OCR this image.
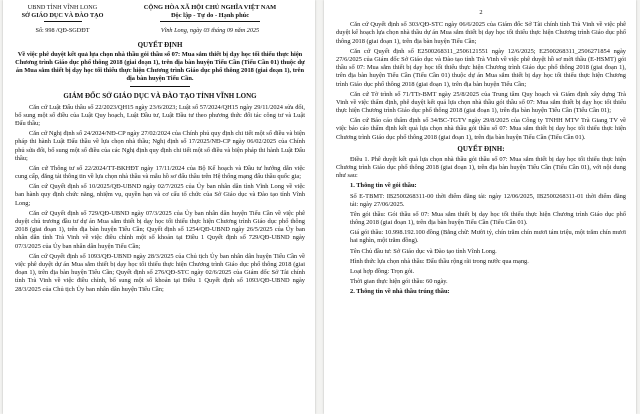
UBND TỈNH VĨNH LONG
SỞ GIÁO DỤC VÀ ĐÀO TẠO
CỘNG HÒA XÃ HỘI CHỦ NGHĨA VIỆT NAM
Độc lập - Tự do - Hạnh phúc
Số: 998 /QĐ-SGDĐT	Vĩnh Long, ngày 03 tháng 09 năm 2025
QUYẾT ĐỊNH
Về việc phê duyệt kết quả lựa chọn nhà thầu gói thầu số 07: Mua sắm thiết bị dạy học tối thiểu thực hiện Chương trình Giáo dục phổ thông 2018 (giai đoạn 1), trên địa bàn huyện Tiểu Cần (Tiểu Cần 01) thuộc dự án Mua sắm thiết bị dạy học tối thiểu thực hiện Chương trình Giáo dục phổ thông 2018 (giai đoạn 1), trên địa bàn huyện Tiểu Cần.
GIÁM ĐỐC SỞ GIÁO DỤC VÀ ĐÀO TẠO TỈNH VĨNH LONG

Căn cứ Luật Đấu thầu số 22/2023/QH15 ngày 23/6/2023; Luật số 57/2024/QH15 ngày 29/11/2024 sửa đổi, bổ sung một số điều của Luật Quy hoạch, Luật Đầu tư, Luật Đầu tư theo phương thức đối tác công tư và Luật Đấu thầu;

Căn cứ Nghị định số 24/2024/NĐ-CP ngày 27/02/2024 của Chính phủ quy định chi tiết một số điều và biện pháp thi hành Luật Đấu thầu về lựa chọn nhà thầu; Nghị định số 17/2025/NĐ-CP ngày 06/02/2025 của Chính phủ sửa đổi, bổ sung một số điều của các Nghị định quy định chi tiết một số điều và biện pháp thi hành Luật Đấu thầu;

Căn cứ Thông tư số 22/2024/TT-BKHĐT ngày 17/11/2024 của Bộ Kế hoạch và Đầu tư hướng dẫn việc cung cấp, đăng tải thông tin về lựa chọn nhà thầu và mẫu hồ sơ đấu thầu trên Hệ thống mạng đấu thầu quốc gia;

Căn cứ Quyết định số 10/2025/QĐ-UBND ngày 02/7/2025 của Ủy ban nhân dân tỉnh Vĩnh Long về việc ban hành quy định chức năng, nhiệm vụ, quyền hạn và cơ cấu tổ chức của Sở Giáo dục và Đào tạo tỉnh Vĩnh Long;

Căn cứ Quyết định số 729/QĐ-UBND ngày 07/3/2025 của Ủy ban nhân dân huyện Tiểu Cần về việc phê duyệt chủ trương đầu tư dự án Mua sắm thiết bị dạy học tối thiểu thực hiện Chương trình Giáo dục phổ thông 2018 (giai đoạn 1), trên địa bàn huyện Tiểu Cần; Quyết định số 1254/QĐ-UBND ngày 26/5/2025 của Ủy ban nhân dân tỉnh Trà Vinh về việc điều chỉnh một số khoản tại Điều 1 Quyết định số 729/QĐ-UBND ngày 07/3/2025 của Ủy ban nhân dân huyện Tiểu Cần;

Căn cứ Quyết định số 1093/QĐ-UBND ngày 28/3/2025 của Chủ tịch Ủy ban nhân dân huyện Tiểu Cần về việc phê duyệt dự án Mua sắm thiết bị dạy học tối thiểu thực hiện Chương trình Giáo dục phổ thông 2018 (giai đoạn 1), trên địa bàn huyện Tiểu Cần; Quyết định số 276/QĐ-STC ngày 02/6/2025 của Giám đốc Sở Tài chính tỉnh Trà Vinh về việc điều chỉnh, bổ sung một số khoản tại Điều 1 Quyết định số 1093/QĐ-UBND ngày 28/3/2025 của Chủ tịch Ủy ban nhân dân huyện Tiểu Cần;

2

Căn cứ Quyết định số 303/QĐ-STC ngày 06/6/2025 của Giám đốc Sở Tài chính tỉnh Trà Vinh về việc phê duyệt kế hoạch lựa chọn nhà thầu dự án Mua sắm thiết bị dạy học tối thiểu thực hiện Chương trình Giáo dục phổ thông 2018 (giai đoạn 1), trên địa bàn huyện Tiểu Cần;

Căn cứ Quyết định số E2500268311_2506121551 ngày 12/6/2025; E2500268311_2506271854 ngày 27/6/2025 của Giám đốc Sở Giáo dục và Đào tạo tỉnh Trà Vinh về việc phê duyệt hồ sơ mời thầu (E-HSMT) gói thầu số 07: Mua sắm thiết bị dạy học tối thiểu thực hiện Chương trình Giáo dục phổ thông 2018 (giai đoạn 1), trên địa bàn huyện Tiểu Cần (Tiểu Cần 01) thuộc dự án Mua sắm thiết bị dạy học tối thiểu thực hiện Chương trình Giáo dục phổ thông 2018 (giai đoạn 1), trên địa bàn huyện Tiểu Cần;

Căn cứ Tờ trình số 71/TTr-BMT ngày 25/8/2025 của Trung tâm Quy hoạch và Giám định xây dựng Trà Vinh về việc thẩm định, phê duyệt kết quả lựa chọn nhà thầu gói thầu số 07: Mua sắm thiết bị dạy học tối thiểu thực hiện Chương trình Giáo dục phổ thông 2018 (giai đoạn 1), trên địa bàn huyện Tiểu Cần (Tiểu Cần 01);

Căn cứ Báo cáo thẩm định số 34/BC-TGTV ngày 29/8/2025 của Công ty TNHH MTV Trà Giang TV về việc báo cáo thẩm định kết quả lựa chọn nhà thầu gói thầu số 07: Mua sắm thiết bị dạy học tối thiểu thực hiện Chương trình Giáo dục phổ thông 2018 (giai đoạn 1), trên địa bàn huyện Tiểu Cần (Tiểu Cần 01).

QUYẾT ĐỊNH:

Điều 1. Phê duyệt kết quả lựa chọn nhà thầu gói thầu số 07: Mua sắm thiết bị dạy học tối thiểu thực hiện Chương trình Giáo dục phổ thông 2018 (giai đoạn 1), trên địa bàn huyện Tiểu Cần (Tiểu Cần 01), với nội dung như sau:

1. Thông tin về gói thầu:
Số E-TBMT: IB2500268311-00 thời điểm đăng tải: ngày 12/06/2025, IB2500268311-01 thời điểm đăng tải: ngày 27/06/2025.
Tên gói thầu: Gói thầu số 07: Mua sắm thiết bị dạy học tối thiểu thực hiện Chương trình Giáo dục phổ thông 2018 (giai đoạn 1), trên địa bàn huyện Tiểu Cần (Tiểu Cần 01).
Giá gói thầu: 10.998.192.100 đồng (Bằng chữ: Mười tỷ, chín trăm chín mươi tám triệu, một trăm chín mươi hai nghìn, một trăm đồng).
Tên Chủ đầu tư: Sở Giáo dục và Đào tạo tỉnh Vĩnh Long.
Hình thức lựa chọn nhà thầu: Đấu thầu rộng rãi trong nước qua mạng.
Loại hợp đồng: Trọn gói.
Thời gian thực hiện gói thầu: 60 ngày.
2. Thông tin về nhà thầu trúng thầu:
